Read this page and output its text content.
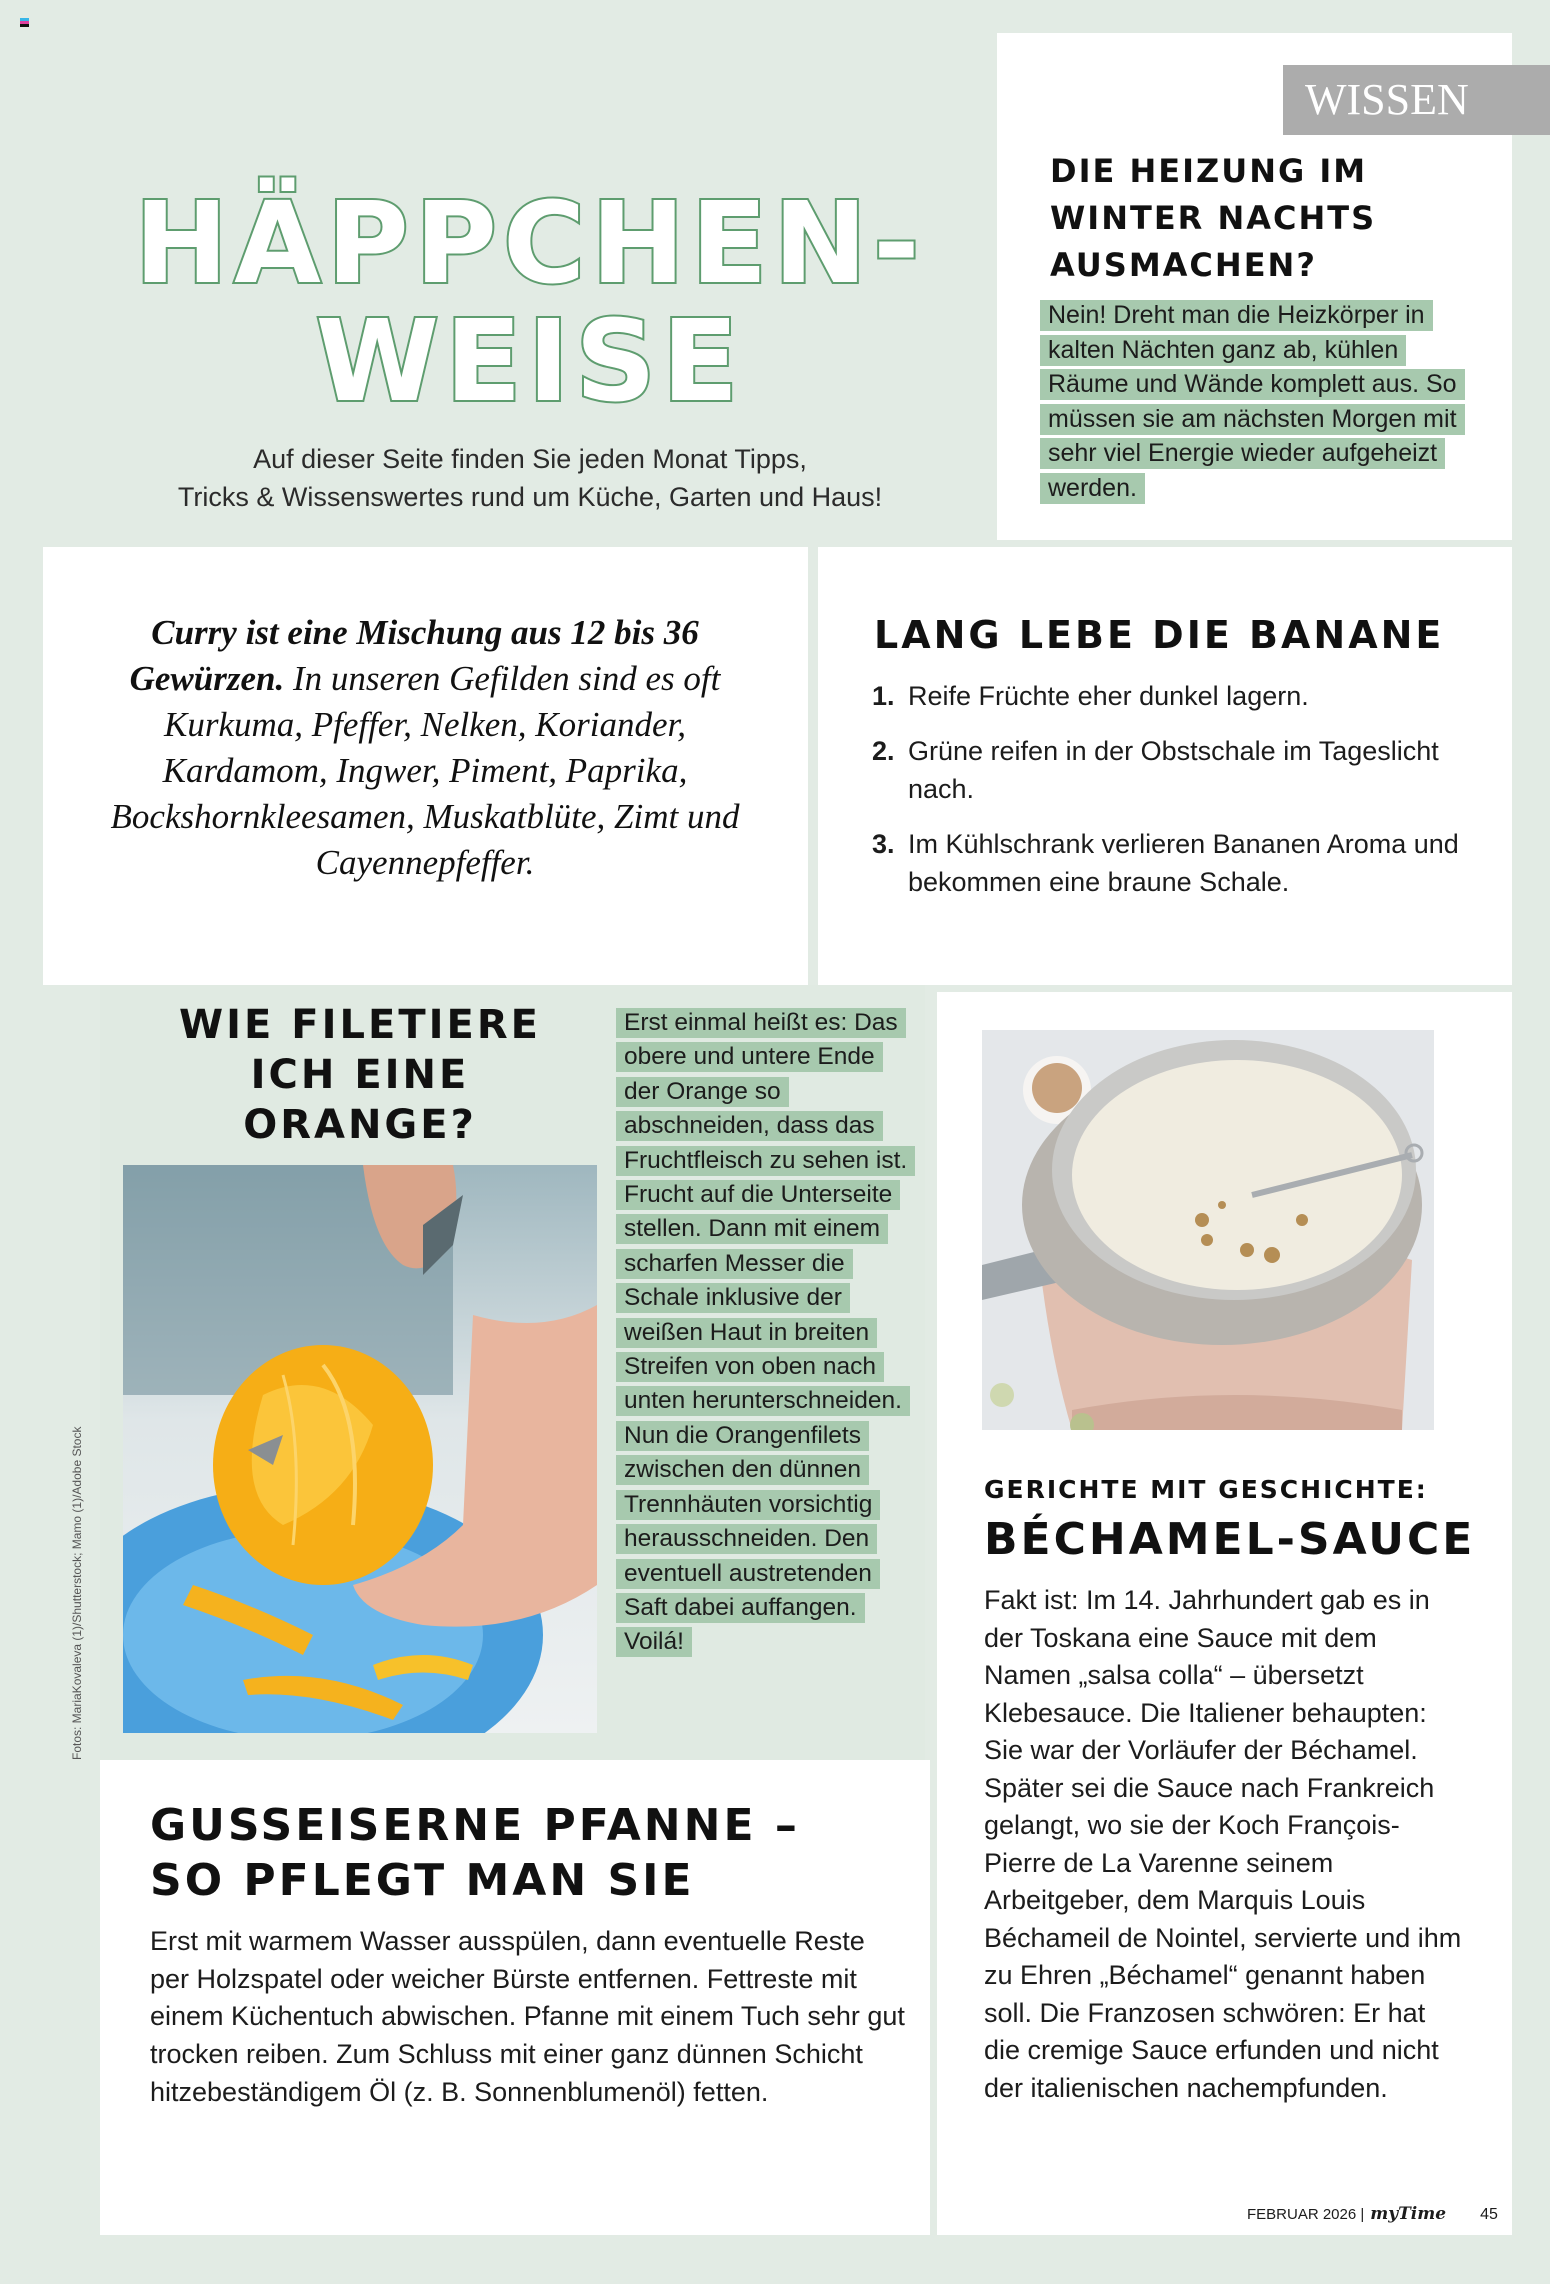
HÄPPCHEN-
WEISE
Auf dieser Seite finden Sie jeden Monat Tipps,
Tricks & Wissenswertes rund um Küche, Garten und Haus!
WISSEN
DIE HEIZUNG IM WINTER NACHTS AUSMACHEN?
Nein! Dreht man die Heizkörper in kalten Nächten ganz ab, kühlen Räume und Wände komplett aus. So müssen sie am nächsten Morgen mit sehr viel Energie wieder aufgeheizt werden.
Curry ist eine Mischung aus 12 bis 36 Gewürzen. In unseren Gefilden sind es oft Kurkuma, Pfeffer, Nelken, Koriander, Kardamom, Ingwer, Piment, Paprika, Bockshornkleesamen, Muskatblüte, Zimt und Cayennepfeffer.
LANG LEBE DIE BANANE
1. Reife Früchte eher dunkel lagern.
2. Grüne reifen in der Obstschale im Tageslicht nach.
3. Im Kühlschrank verlieren Bananen Aroma und bekommen eine braune Schale.
WIE FILETIERE ICH EINE ORANGE?
Erst einmal heißt es: Das obere und untere Ende der Orange so abschneiden, dass das Fruchtfleisch zu sehen ist. Frucht auf die Unterseite stellen. Dann mit einem scharfen Messer die Schale inklusive der weißen Haut in breiten Streifen von oben nach unten herunterschneiden. Nun die Orangenfilets zwischen den dünnen Trennhäuten vorsichtig herausschneiden. Den eventuell austretenden Saft dabei auffangen. Voilá!
Fotos: MariaKovaleva (1)/Shutterstock; Mamo (1)/Adobe Stock	GERICHTE MIT GESCHICHTE:
BÉCHAMEL-SAUCE
Fakt ist: Im 14. Jahrhundert gab es in der Toskana eine Sauce mit dem Namen „salsa colla“ – übersetzt Klebesauce. Die Italiener behaupten: Sie war der Vorläufer der Béchamel. Später sei die Sauce nach Frankreich gelangt, wo sie der Koch François-Pierre de La Varenne seinem Arbeitgeber, dem Marquis Louis Béchameil de Nointel, servierte und ihm zu Ehren „Béchamel“ genannt haben soll. Die Franzosen schwören: Er hat die cremige Sauce erfunden und nicht der italienischen nachempfunden.
GUSSEISERNE PFANNE –
SO PFLEGT MAN SIE
Erst mit warmem Wasser ausspülen, dann eventuelle Reste per Holzspatel oder weicher Bürste entfernen. Fettreste mit einem Küchentuch abwischen. Pfanne mit einem Tuch sehr gut trocken reiben. Zum Schluss mit einer ganz dünnen Schicht hitzebeständigem Öl (z. B. Sonnenblumenöl) fetten.
FEBRUAR 2026 | myTime 45
